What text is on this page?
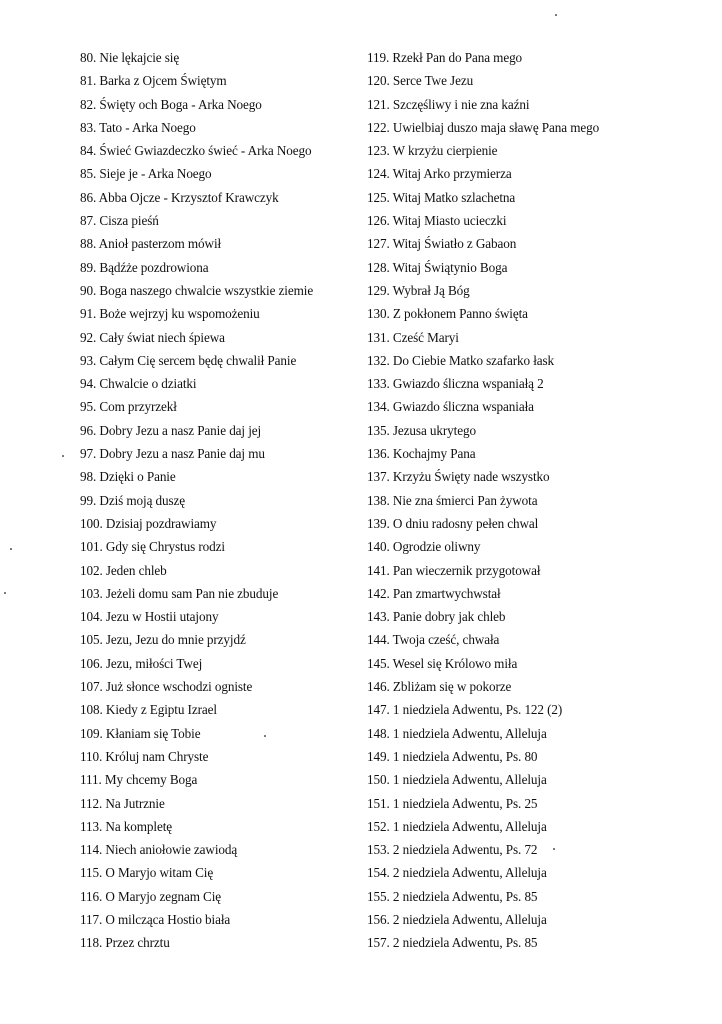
80. Nie lękajcie się
81. Barka z Ojcem Świętym
82. Święty och Boga - Arka Noego
83. Tato - Arka Noego
84. Świeć Gwiazdeczko świeć - Arka Noego
85. Sieje je - Arka Noego
86. Abba Ojcze - Krzysztof Krawczyk
87. Cisza pieśń
88. Anioł pasterzom mówił
89. Bądźże pozdrowiona
90. Boga naszego chwalcie wszystkie ziemie
91. Boże wejrzyj ku wspomożeniu
92. Cały świat niech śpiewa
93. Całym Cię sercem będę chwalił Panie
94. Chwalcie o dziatki
95. Com przyrzekł
96. Dobry Jezu a nasz Panie daj jej
97. Dobry Jezu a nasz Panie daj mu
98. Dzięki o Panie
99. Dziś moją duszę
100. Dzisiaj pozdrawiamy
101. Gdy się Chrystus rodzi
102. Jeden chleb
103. Jeżeli domu sam Pan nie zbuduje
104. Jezu w Hostii utajony
105. Jezu, Jezu do mnie przyjdź
106. Jezu, miłości Twej
107. Już słonce wschodzi ogniste
108. Kiedy z Egiptu Izrael
109. Kłaniam się Tobie
110. Króluj nam Chryste
111. My chcemy Boga
112. Na Jutrznie
113. Na kompletę
114. Niech aniołowie zawiodą
115. O Maryjo witam Cię
116. O Maryjo zegnam Cię
117. O milcząca Hostio biała
118. Przez chrztu
119. Rzekł Pan do Pana mego
120. Serce Twe Jezu
121. Szczęśliwy i nie zna kaźni
122. Uwielbiaj duszo maja sławę Pana mego
123. W krzyżu cierpienie
124. Witaj Arko przymierza
125. Witaj Matko szlachetna
126. Witaj Miasto ucieczki
127. Witaj Światło z Gabaon
128. Witaj Świątynio Boga
129. Wybrał Ją Bóg
130. Z pokłonem Panno święta
131. Cześć Maryi
132. Do Ciebie Matko szafarko łask
133. Gwiazdo śliczna wspaniałą 2
134. Gwiazdo śliczna wspaniała
135. Jezusa ukrytego
136. Kochajmy Pana
137. Krzyżu Święty nade wszystko
138. Nie zna śmierci Pan żywota
139. O dniu radosny pełen chwal
140. Ogrodzie oliwny
141. Pan wieczernik przygotował
142. Pan zmartwychwstał
143. Panie dobry jak chleb
144. Twoja cześć, chwała
145. Wesel się Królowo miła
146. Zbliżam się w pokorze
147. 1 niedziela Adwentu, Ps. 122 (2)
148. 1 niedziela Adwentu, Alleluja
149. 1 niedziela Adwentu, Ps. 80
150. 1 niedziela Adwentu, Alleluja
151. 1 niedziela Adwentu, Ps. 25
152. 1 niedziela Adwentu, Alleluja
153. 2 niedziela Adwentu, Ps. 72
154. 2 niedziela Adwentu, Alleluja
155. 2 niedziela Adwentu, Ps. 85
156. 2 niedziela Adwentu, Alleluja
157. 2 niedziela Adwentu, Ps. 85
